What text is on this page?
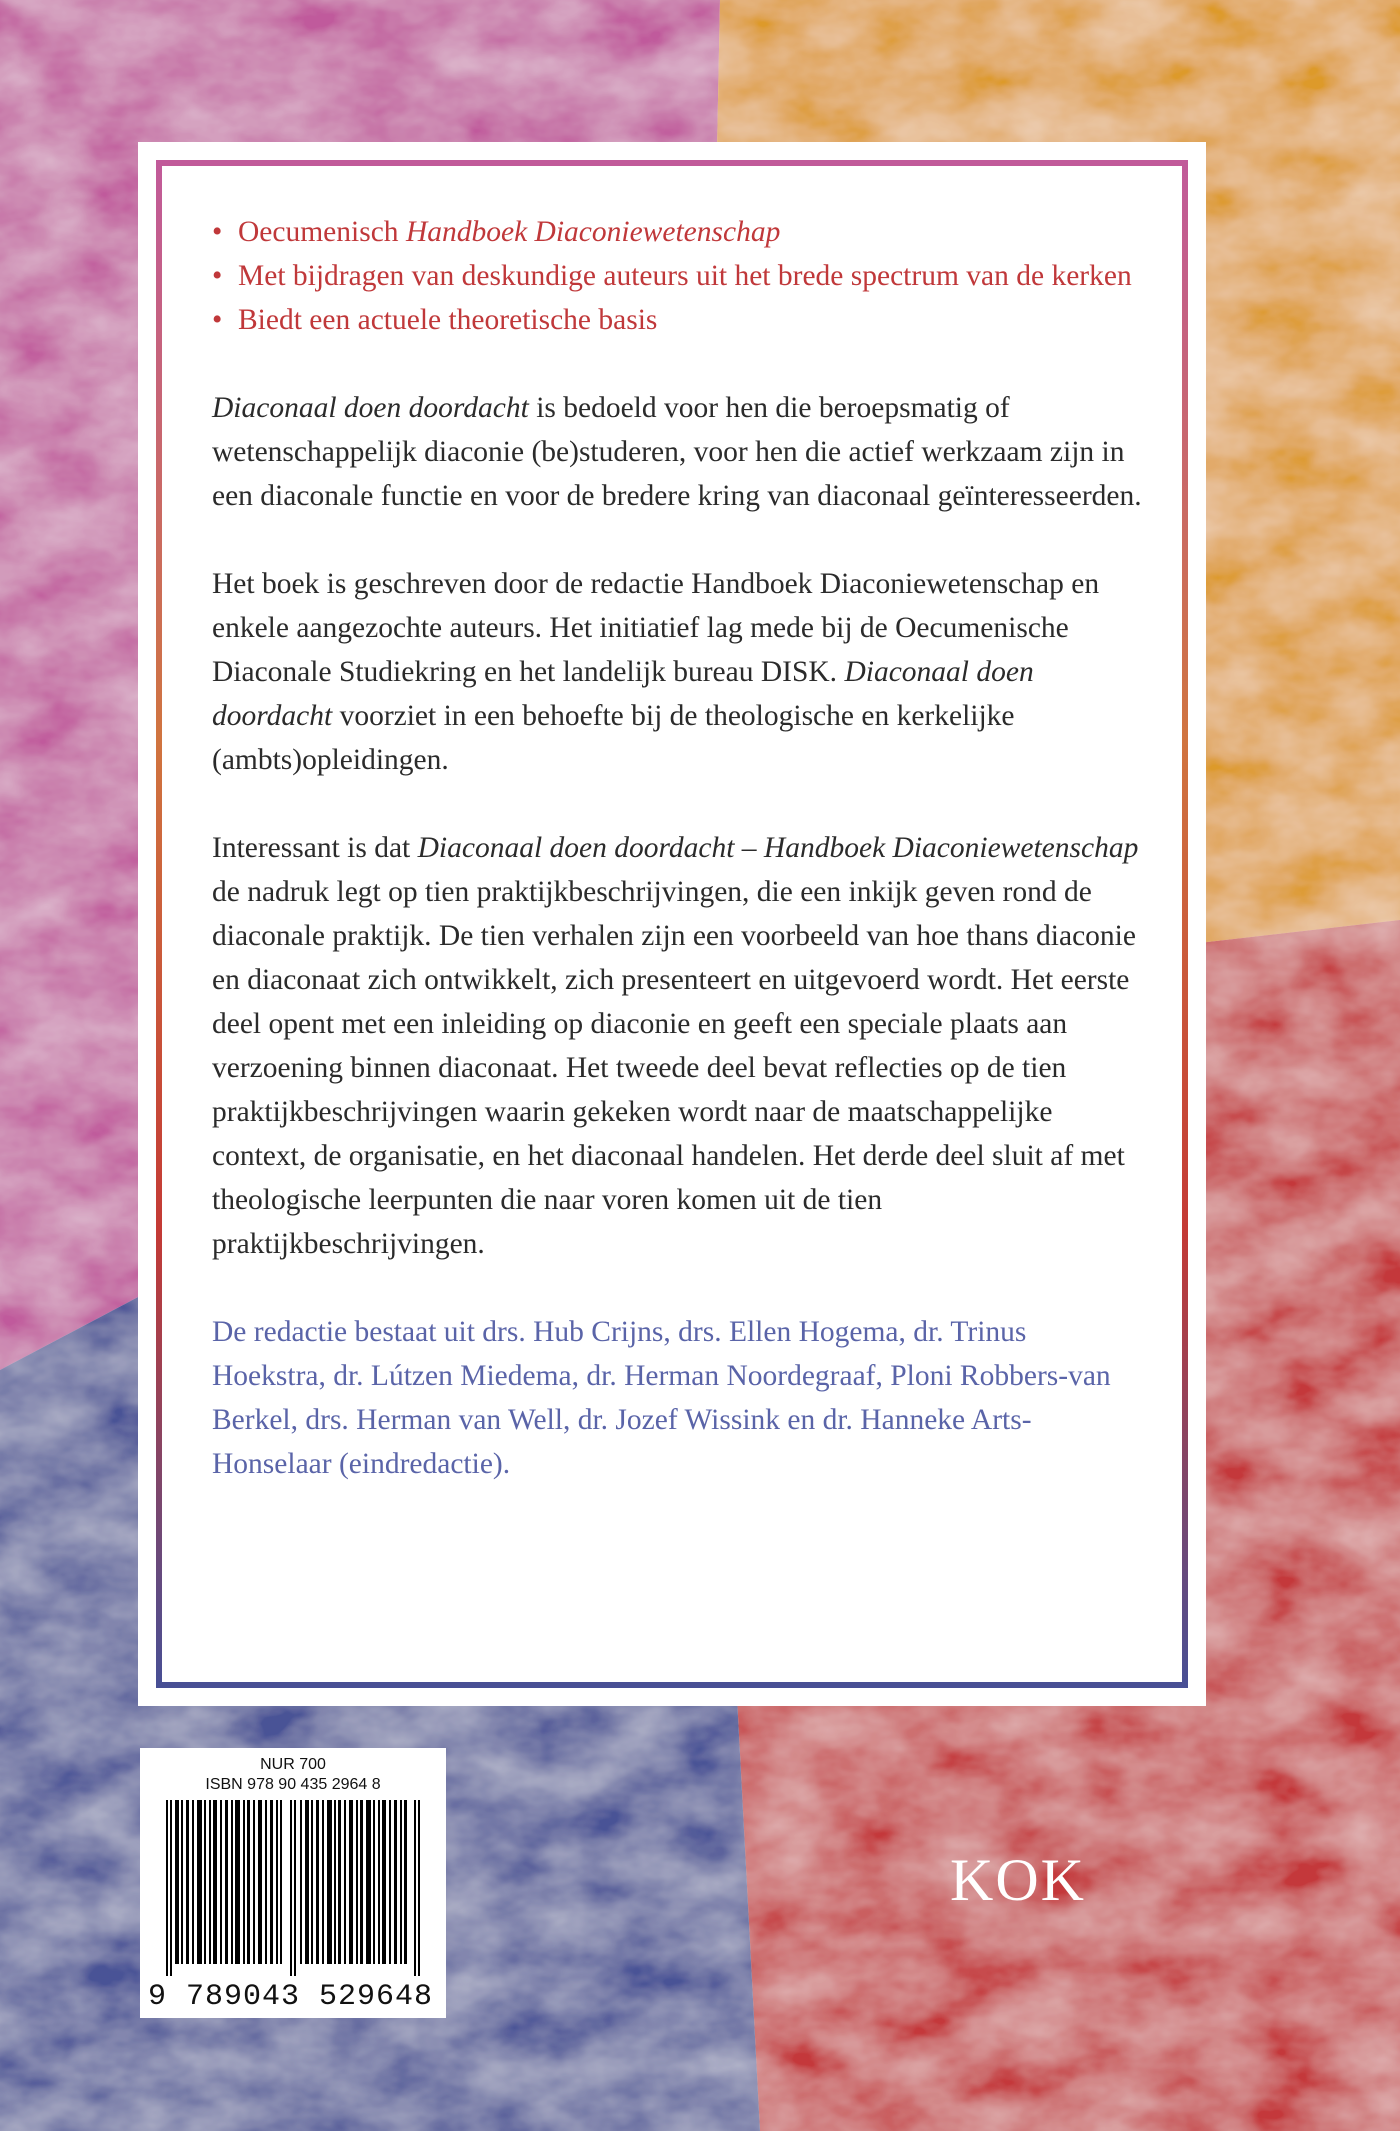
• Oecumenisch Handboek Diaconiewetenschap
• Met bijdragen van deskundige auteurs uit het brede spectrum van de kerken
• Biedt een actuele theoretische basis

Diaconaal doen doordacht is bedoeld voor hen die beroepsmatig of wetenschappelijk diaconie (be)studeren, voor hen die actief werkzaam zijn in een diaconale functie en voor de bredere kring van diaconaal geïnteresseerden.

Het boek is geschreven door de redactie Handboek Diaconiewetenschap en enkele aangezochte auteurs. Het initiatief lag mede bij de Oecumenische Diaconale Studiekring en het landelijk bureau DISK. Diaconaal doen doordacht voorziet in een behoefte bij de theologische en kerkelijke (ambts)opleidingen.

Interessant is dat Diaconaal doen doordacht – Handboek Diaconiewetenschap de nadruk legt op tien praktijkbeschrijvingen, die een inkijk geven rond de diaconale praktijk. De tien verhalen zijn een voorbeeld van hoe thans diaconie en diaconaat zich ontwikkelt, zich presenteert en uitgevoerd wordt. Het eerste deel opent met een inleiding op diaconie en geeft een speciale plaats aan verzoening binnen diaconaat. Het tweede deel bevat reflecties op de tien praktijkbeschrijvingen waarin gekeken wordt naar de maatschappelijke context, de organisatie, en het diaconaal handelen. Het derde deel sluit af met theologische leerpunten die naar voren komen uit de tien praktijkbeschrijvingen.

De redactie bestaat uit drs. Hub Crijns, drs. Ellen Hogema, dr. Trinus Hoekstra, dr. Lútzen Miedema, dr. Herman Noordegraaf, Ploni Robbers-van Berkel, drs. Herman van Well, dr. Jozef Wissink en dr. Hanneke Arts-Honselaar (eindredactie).

NUR 700
ISBN 978 90 435 2964 8
9 789043 529648
KOK
